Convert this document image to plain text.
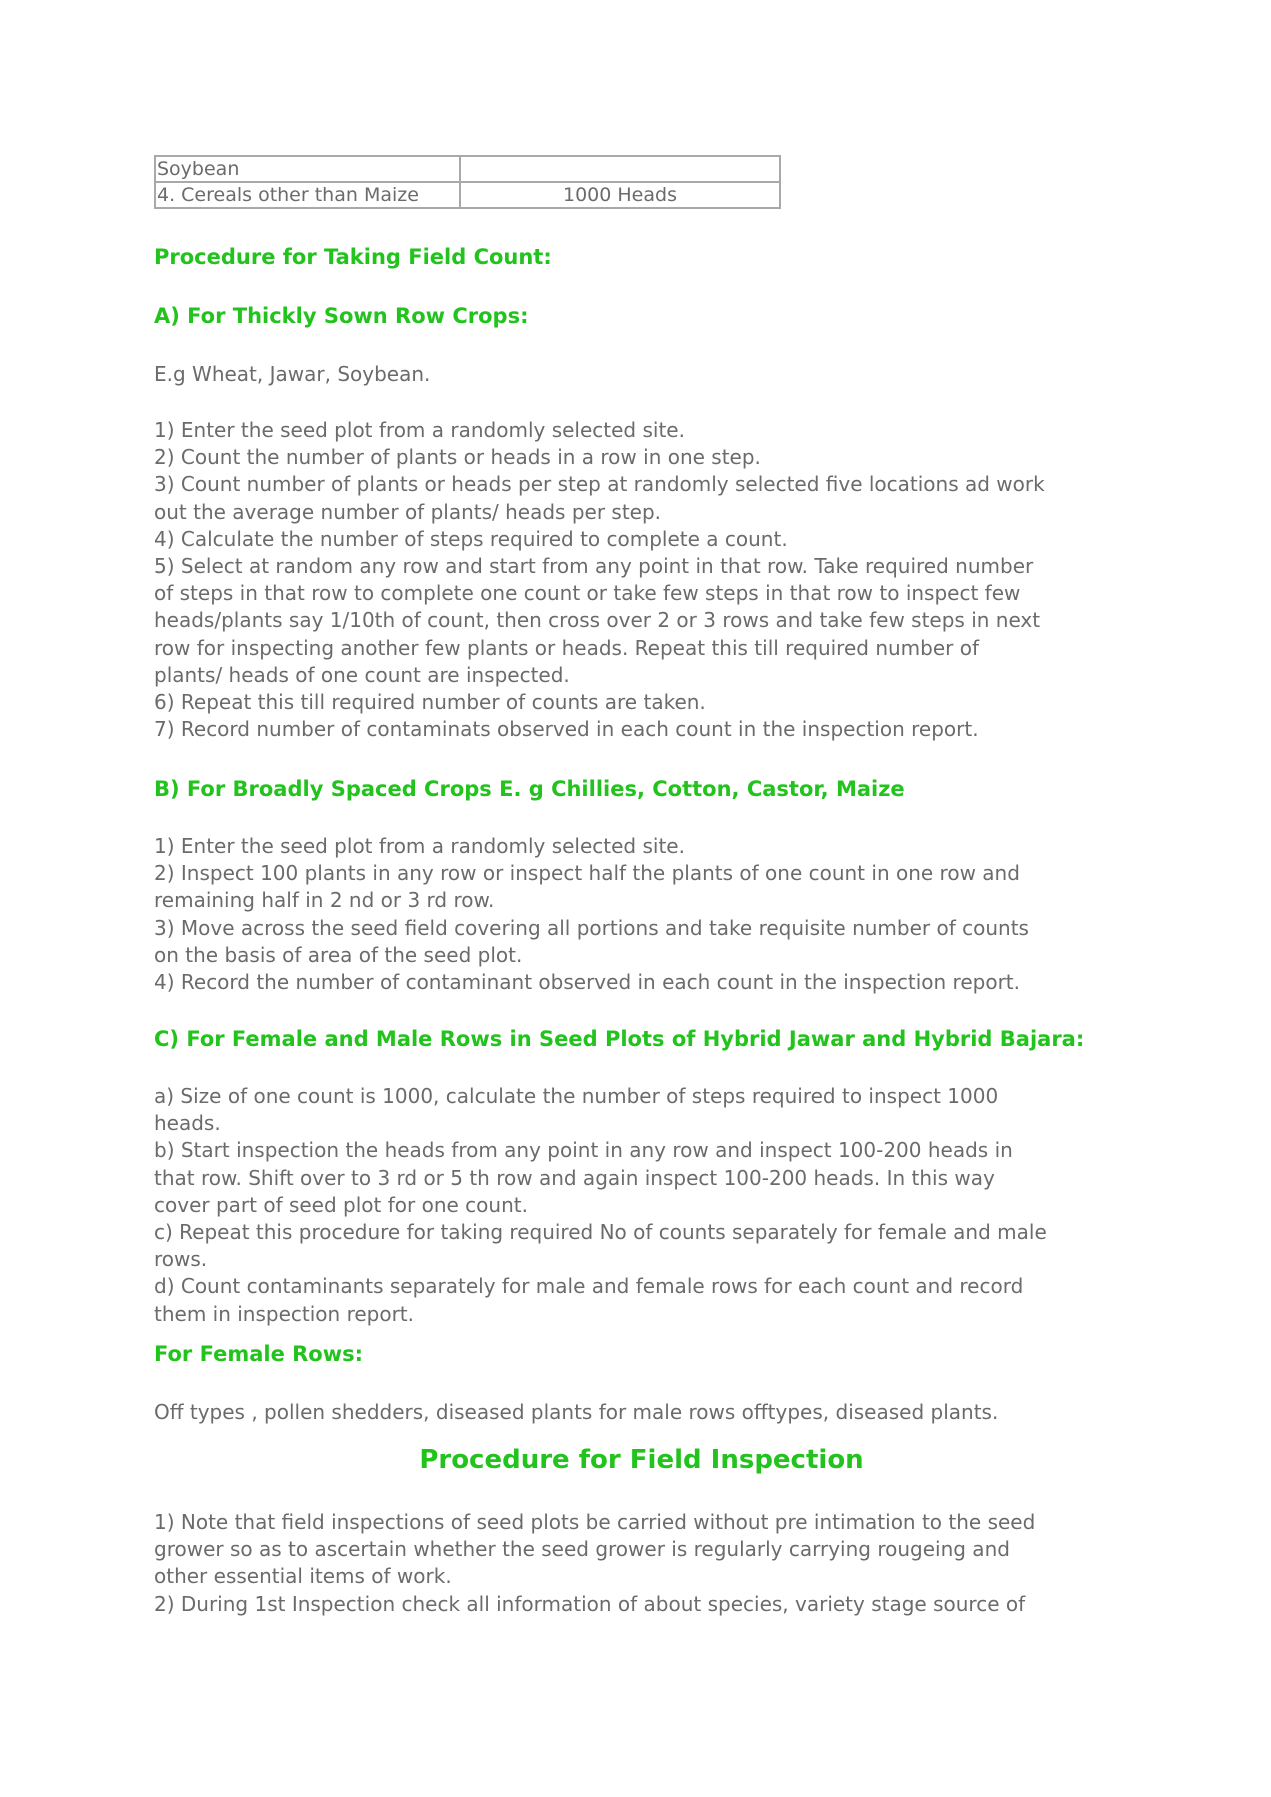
Soybean	
4. Cereals other than Maize	1000 Heads
Procedure for Taking Field Count:
A) For Thickly Sown Row Crops:
E.g Wheat, Jawar, Soybean.
1) Enter the seed plot from a randomly selected site.
2) Count the number of plants or heads in a row in one step.
3) Count number of plants or heads per step at randomly selected five locations ad work
out the average number of plants/ heads per step.
4) Calculate the number of steps required to complete a count.
5) Select at random any row and start from any point in that row. Take required number
of steps in that row to complete one count or take few steps in that row to inspect few
heads/plants say 1/10th of count, then cross over 2 or 3 rows and take few steps in next
row for inspecting another few plants or heads. Repeat this till required number of
plants/ heads of one count are inspected.
6) Repeat this till required number of counts are taken.
7) Record number of contaminats observed in each count in the inspection report.
B) For Broadly Spaced Crops E. g Chillies, Cotton, Castor, Maize
1) Enter the seed plot from a randomly selected site.
2) Inspect 100 plants in any row or inspect half the plants of one count in one row and
remaining half in 2 nd or 3 rd row.
3) Move across the seed field covering all portions and take requisite number of counts
on the basis of area of the seed plot.
4) Record the number of contaminant observed in each count in the inspection report.
C) For Female and Male Rows in Seed Plots of Hybrid Jawar and Hybrid Bajara:
a) Size of one count is 1000, calculate the number of steps required to inspect 1000
heads.
b) Start inspection the heads from any point in any row and inspect 100-200 heads in
that row. Shift over to 3 rd or 5 th row and again inspect 100-200 heads. In this way
cover part of seed plot for one count.
c) Repeat this procedure for taking required No of counts separately for female and male
rows.
d) Count contaminants separately for male and female rows for each count and record
them in inspection report.
For Female Rows:
Off types , pollen shedders, diseased plants for male rows offtypes, diseased plants.
Procedure for Field Inspection
1) Note that field inspections of seed plots be carried without pre intimation to the seed
grower so as to ascertain whether the seed grower is regularly carrying rougeing and
other essential items of work.
2) During 1st Inspection check all information of about species, variety stage source of
